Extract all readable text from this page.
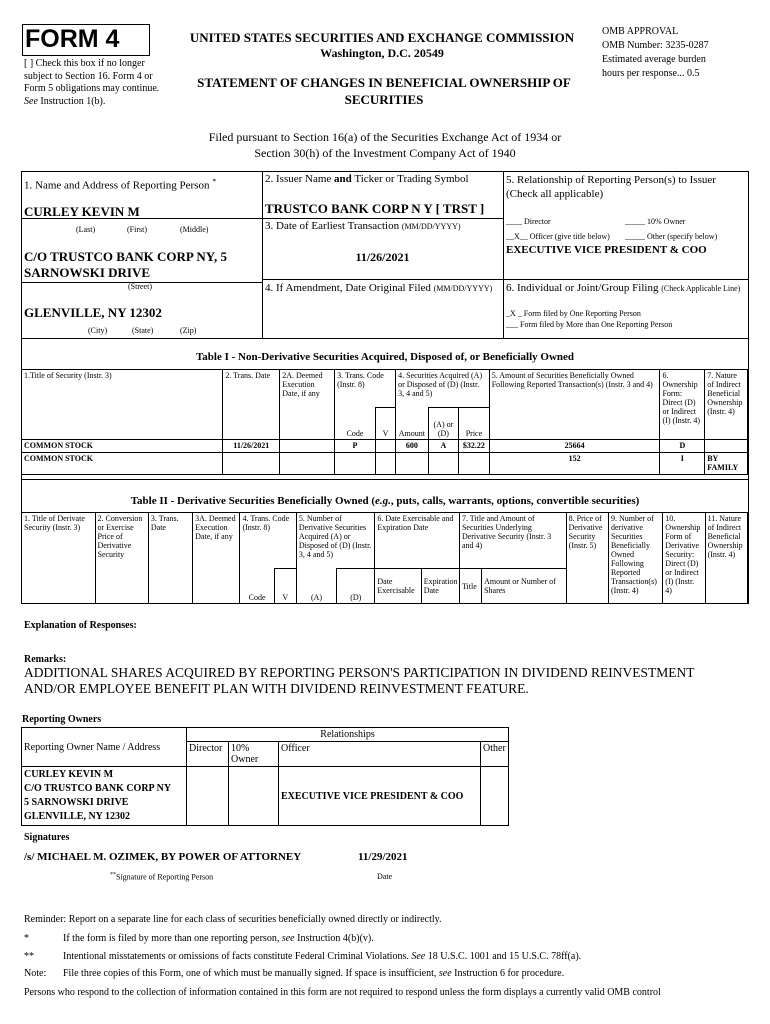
FORM 4
[ ] Check this box if no longer subject to Section 16. Form 4 or Form 5 obligations may continue. See Instruction 1(b).
UNITED STATES SECURITIES AND EXCHANGE COMMISSION
Washington, D.C. 20549
STATEMENT OF CHANGES IN BENEFICIAL OWNERSHIP OF SECURITIES
OMB APPROVAL
OMB Number: 3235-0287
Estimated average burden
hours per response... 0.5
Filed pursuant to Section 16(a) of the Securities Exchange Act of 1934 or
Section 30(h) of the Investment Company Act of 1940
1. Name and Address of Reporting Person *
CURLEY KEVIN M
(Last)	(First)	(Middle)
C/O TRUSTCO BANK CORP NY, 5 SARNOWSKI DRIVE
(Street)
GLENVILLE, NY 12302
(City)	(State)	(Zip)
2. Issuer Name and Ticker or Trading Symbol
TRUSTCO BANK CORP N Y [ TRST ]
3. Date of Earliest Transaction (MM/DD/YYYY)
11/26/2021
4. If Amendment, Date Original Filed (MM/DD/YYYY)
5. Relationship of Reporting Person(s) to Issuer
(Check all applicable)
____ Director	_____ 10% Owner
__X__ Officer (give title below) _____ Other (specify below)
EXECUTIVE VICE PRESIDENT & COO
6. Individual or Joint/Group Filing (Check Applicable Line)
_X _ Form filed by One Reporting Person
___ Form filed by More than One Reporting Person
Table I - Non-Derivative Securities Acquired, Disposed of, or Beneficially Owned
1.Title of Security (Instr. 3)	2. Trans. Date	2A. Deemed Execution Date, if any	3. Trans. Code (Instr. 8)		4. Securities Acquired (A) or Disposed of (D) (Instr. 3, 4 and 5)			5. Amount of Securities Beneficially Owned Following Reported Transaction(s) (Instr. 3 and 4)	6. Ownership Form: Direct (D) or Indirect (I) (Instr. 4)	7. Nature of Indirect Beneficial Ownership (Instr. 4)
			Code	V	Amount	(A) or (D)	Price			
COMMON STOCK	11/26/2021		P		600	A	$32.22	25664	D	
COMMON STOCK								152	I	BY FAMILY
Table II - Derivative Securities Beneficially Owned (e.g., puts, calls, warrants, options, convertible securities)
1. Title of Derivate Security (Instr. 3)	2. Conversion or Exercise Price of Derivative Security	3. Trans. Date	3A. Deemed Execution Date, if any	4. Trans. Code (Instr. 8)		5. Number of Derivative Securities Acquired (A) or Disposed of (D) (Instr. 3, 4 and 5)		6. Date Exercisable and Expiration Date		7. Title and Amount of Securities Underlying Derivative Security (Instr. 3 and 4)		8. Price of Derivative Security (Instr. 5)	9. Number of derivative Securities Beneficially Owned Following Reported Transaction(s) (Instr. 4)	10. Ownership Form of Derivative Security: Direct (D) or Indirect (I) (Instr. 4)	11. Nature of Indirect Beneficial Ownership (Instr. 4)
				Code	V	(A)	(D)	Date Exercisable	Expiration Date	Title	Amount or Number of Shares				
Explanation of Responses:
Remarks:
ADDITIONAL SHARES ACQUIRED BY REPORTING PERSON'S PARTICIPATION IN DIVIDEND REINVESTMENT AND/OR EMPLOYEE BENEFIT PLAN WITH DIVIDEND REINVESTMENT FEATURE.
Reporting Owners
Reporting Owner Name / Address	Relationships			
	Director	10% Owner	Officer	Other

CURLEY KEVIN M
C/O TRUSTCO BANK CORP NY
5 SARNOWSKI DRIVE
GLENVILLE, NY 12302			EXECUTIVE VICE PRESIDENT & COO	
Signatures
/s/ MICHAEL M. OZIMEK, BY POWER OF ATTORNEY	11/29/2021
**Signature of Reporting Person	Date
Reminder: Report on a separate line for each class of securities beneficially owned directly or indirectly.
*	If the form is filed by more than one reporting person, see Instruction 4(b)(v).
**	Intentional misstatements or omissions of facts constitute Federal Criminal Violations. See 18 U.S.C. 1001 and 15 U.S.C. 78ff(a).
Note: File three copies of this Form, one of which must be manually signed. If space is insufficient, see Instruction 6 for procedure.
Persons who respond to the collection of information contained in this form are not required to respond unless the form displays a currently valid OMB control
